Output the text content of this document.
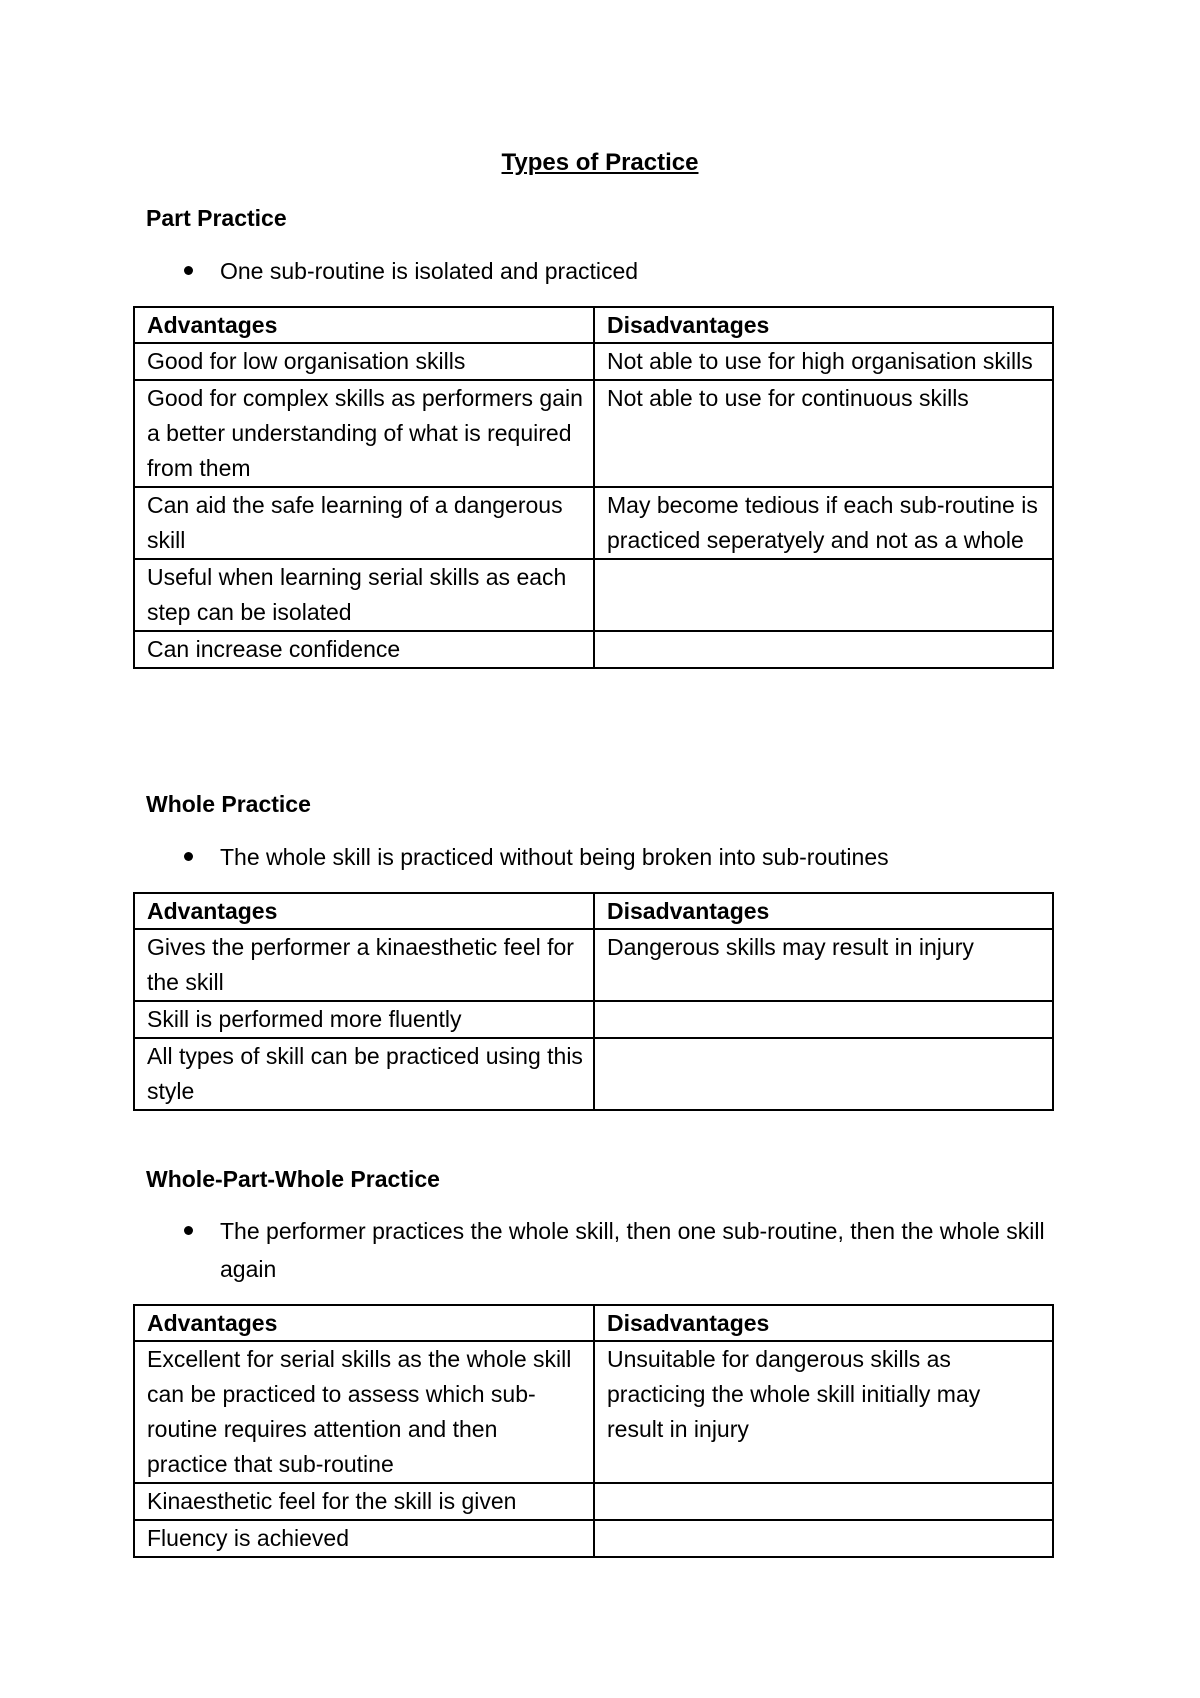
Types of Practice
Part Practice
One sub-routine is isolated and practiced
Advantages	Disadvantages
Good for low organisation skills	Not able to use for high organisation skills
Good for complex skills as performers gain a better understanding of what is required from them	Not able to use for continuous skills
Can aid the safe learning of a dangerous skill	May become tedious if each sub-routine is practiced seperatyely and not as a whole
Useful when learning serial skills as each step can be isolated	
Can increase confidence	
Whole Practice
The whole skill is practiced without being broken into sub-routines
Advantages	Disadvantages
Gives the performer a kinaesthetic feel for the skill	Dangerous skills may result in injury
Skill is performed more fluently	
All types of skill can be practiced using this style	
Whole-Part-Whole Practice
The performer practices the whole skill, then one sub-routine, then the whole skill again
Advantages	Disadvantages
Excellent for serial skills as the whole skill can be practiced to assess which sub-routine requires attention and then practice that sub-routine	Unsuitable for dangerous skills as practicing the whole skill initially may result in injury
Kinaesthetic feel for the skill is given	
Fluency is achieved	
